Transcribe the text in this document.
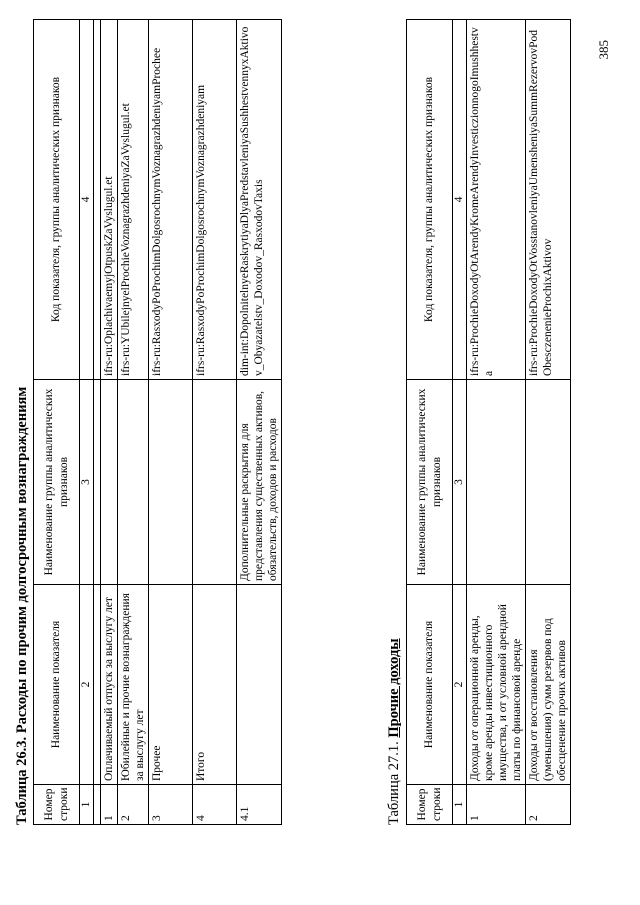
Таблица 26.3. Расходы по прочим долгосрочным вознаграждениям Номер строки	Наименование показателя	Наименование группы аналитических признаков	Код показателя, группы аналитических признаков
1	2	3	4

1	Оплачиваемый отпуск за выслугу лет		ifrs-ru:OplachivaemyjOtpuskZaVyslugul.et
2	Юбилейные и прочие вознаграждения за выслугу лет		ifrs-ru:YUbilejnyelProchieVoznagrazhdeniyaZaVyslugul.et
3	Прочее		ifrs-ru:RasxodyPoProchimDolgosrochnymVoznagrazhdeniyamProchee
4	Итого		ifrs-ru:RasxodyPoProchimDolgosrochnymVoznagrazhdeniyam
4.1		Дополнительные раскрытия для представления существенных активов, обязательств, доходов и расходов	dim-int:DopolnitelnyeRaskrytiyaDlyaPredstavleniyaSushhestvennyxAktivov_Obyazatelstv_Doxodov_RasxodovTaxis
Таблица 27.1. Прочие доходы
Номер строки	Наименование показателя	Наименование группы аналитических признаков	Код показателя, группы аналитических признаков
1	2	3	4
1	Доходы от операционной аренды, кроме аренды инвестиционного имущества, и от условной арендной платы по финансовой аренде		ifrs-ru:ProchieDoxodyOtArendyKromeArendyInvesticzionnogoImushhestva
2	Доходы от восстановления (уменьшения) сумм резервов под обесценение прочих активов		ifrs-ru:ProchieDoxodyOtVosstanovleniyaUmensheniyaSummRezervovPodObesczenenieProchixAktivov
385
